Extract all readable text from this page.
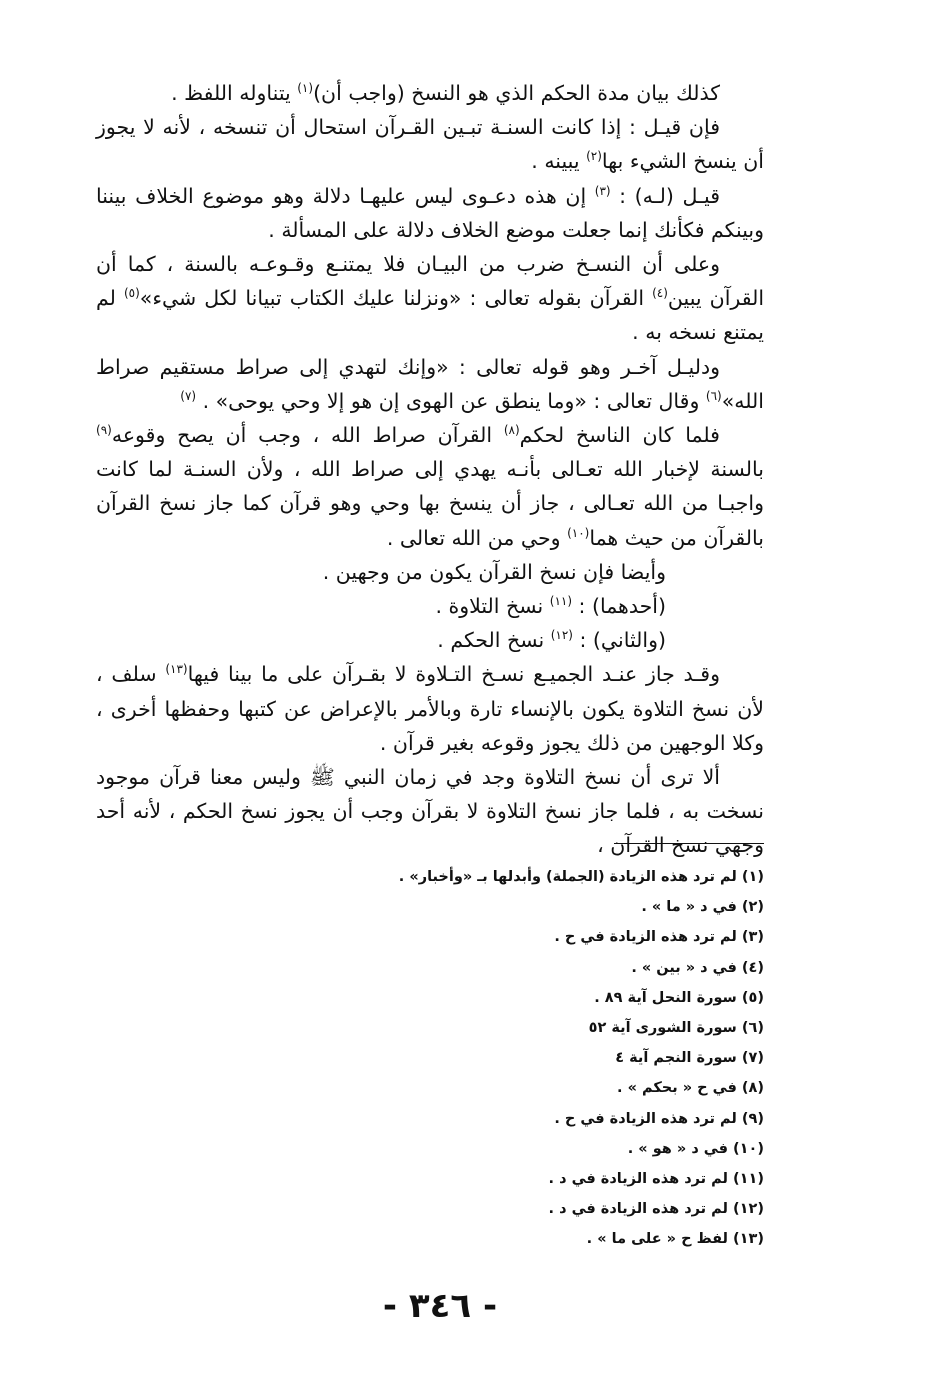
كذلك بيان مدة الحكم الذي هو النسخ (واجب أن)$^{(١)}$ يتناوله اللفظ .

فإن قيـل : إذا كانت السنـة تبـين القـرآن استحال أن تنسخه ، لأنه لا يجوز أن ينسخ الشيء بها$^{(٢)}$ يبينه .

قيـل (لـه) : $^{(٣)}$ إن هذه دعـوى ليس عليهـا دلالة وهو موضوع الخلاف بيننا وبينكم فكأنك إنما جعلت موضع الخلاف دلالة على المسألة .

وعلى أن النسـخ ضرب من البيـان فلا يمتنـع وقـوعـه بالسنة ، كما أن القرآن يبين$^{(٤)}$ القرآن بقوله تعالى : «ونزلنا عليك الكتاب تبيانا لكل شيء»$^{(٥)}$ لم يمتنع نسخه به .

ودليـل آخـر وهو قوله تعالى : «وإنك لتهدي إلى صراط مستقيم صراط الله»$^{(٦)}$ وقال تعالى : «وما ينطق عن الهوى إن هو إلا وحي يوحى» . $^{(٧)}$

فلما كان الناسخ لحكم$^{(٨)}$ القرآن صراط الله ، وجب أن يصح وقوعه$^{(٩)}$ بالسنة لإخبار الله تعـالى بأنـه يهدي إلى صراط الله ، ولأن السنـة لما كانت واجبـا من الله تعـالى ، جاز أن ينسخ بها وحي وهو قرآن كما جاز نسخ القرآن بالقرآن من حيث هما$^{(١٠)}$ وحي من الله تعالى .

وأيضا فإن نسخ القرآن يكون من وجهين .

(أحدهما) : $^{(١١)}$ نسخ التلاوة .

(والثاني) : $^{(١٢)}$ نسخ الحكم .

وقـد جاز عنـد الجميـع نسـخ التـلاوة لا بقـرآن على ما بينا فيها$^{(١٣)}$ سلف ، لأن نسخ التلاوة يكون بالإنساء تارة وبالأمر بالإعراض عن كتبها وحفظها أخرى ، وكلا الوجهين من ذلك يجوز وقوعه بغير قرآن .

ألا ترى أن نسخ التلاوة وجد في زمان النبي ﷺ وليس معنا قرآن موجود نسخت به ، فلما جاز نسخ التلاوة لا بقرآن وجب أن يجوز نسخ الحكم ، لأنه أحد وجهي نسخ القرآن ،

(١) لم ترد هذه الزيادة (الجملة) وأبدلها بـ «وأخبار» .
(٢) في د « ما » .
(٣) لم ترد هذه الزيادة في ح .
(٤) في د « بين » .
(٥) سورة النحل آية ٨٩ .
(٦) سورة الشورى آية ٥٢
(٧) سورة النجم آية ٤
(٨) في ح « بحكم » .
(٩) لم ترد هذه الزيادة في ح .
(١٠) في د « هو » .
(١١) لم ترد هذه الزيادة في د .
(١٢) لم ترد هذه الزيادة في د .
(١٣) لفظ ح « على ما » .
- ٣٤٦ -
